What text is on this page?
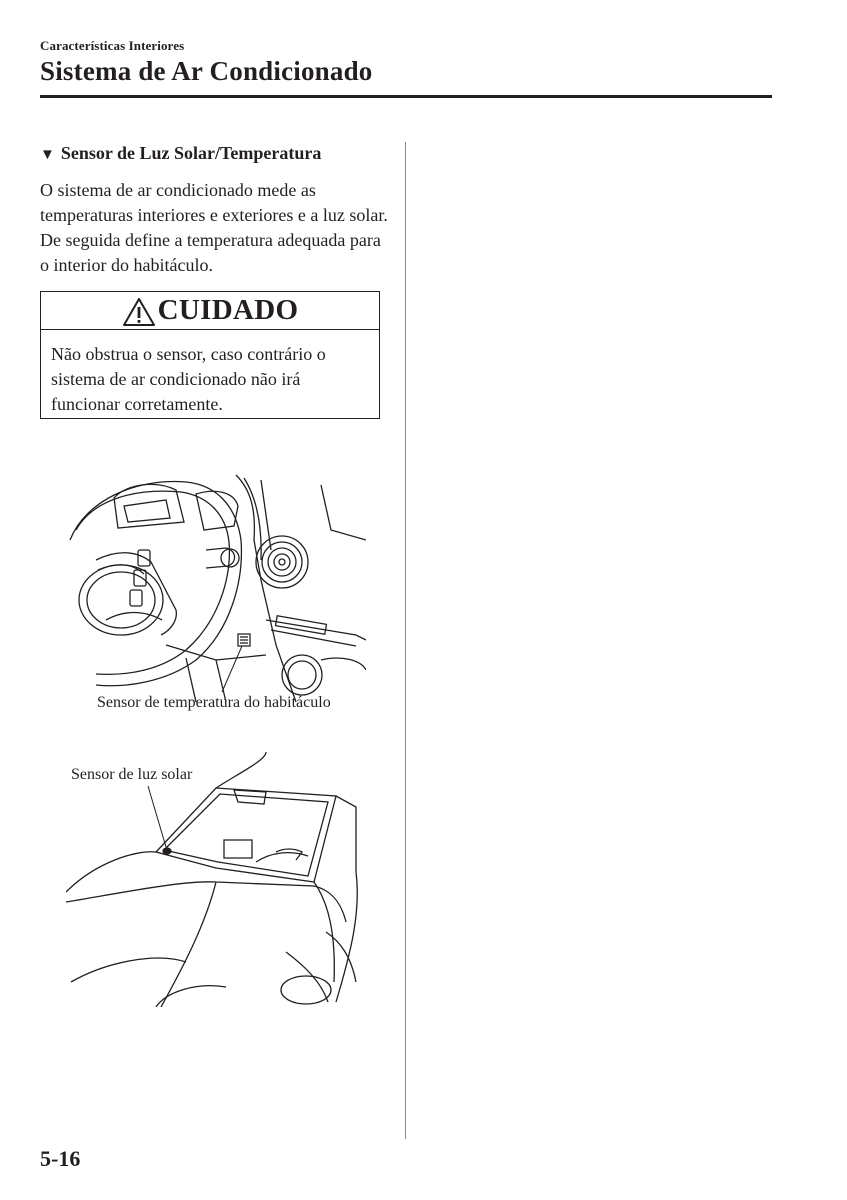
Características Interiores
Sistema de Ar Condicionado
▼ Sensor de Luz Solar/Temperatura
O sistema de ar condicionado mede as temperaturas interiores e exteriores e a luz solar. De seguida define a temperatura adequada para o interior do habitáculo.
CUIDADO
Não obstrua o sensor, caso contrário o sistema de ar condicionado não irá funcionar corretamente.
Sensor de temperatura do habitáculo
Sensor de luz solar
5-16
